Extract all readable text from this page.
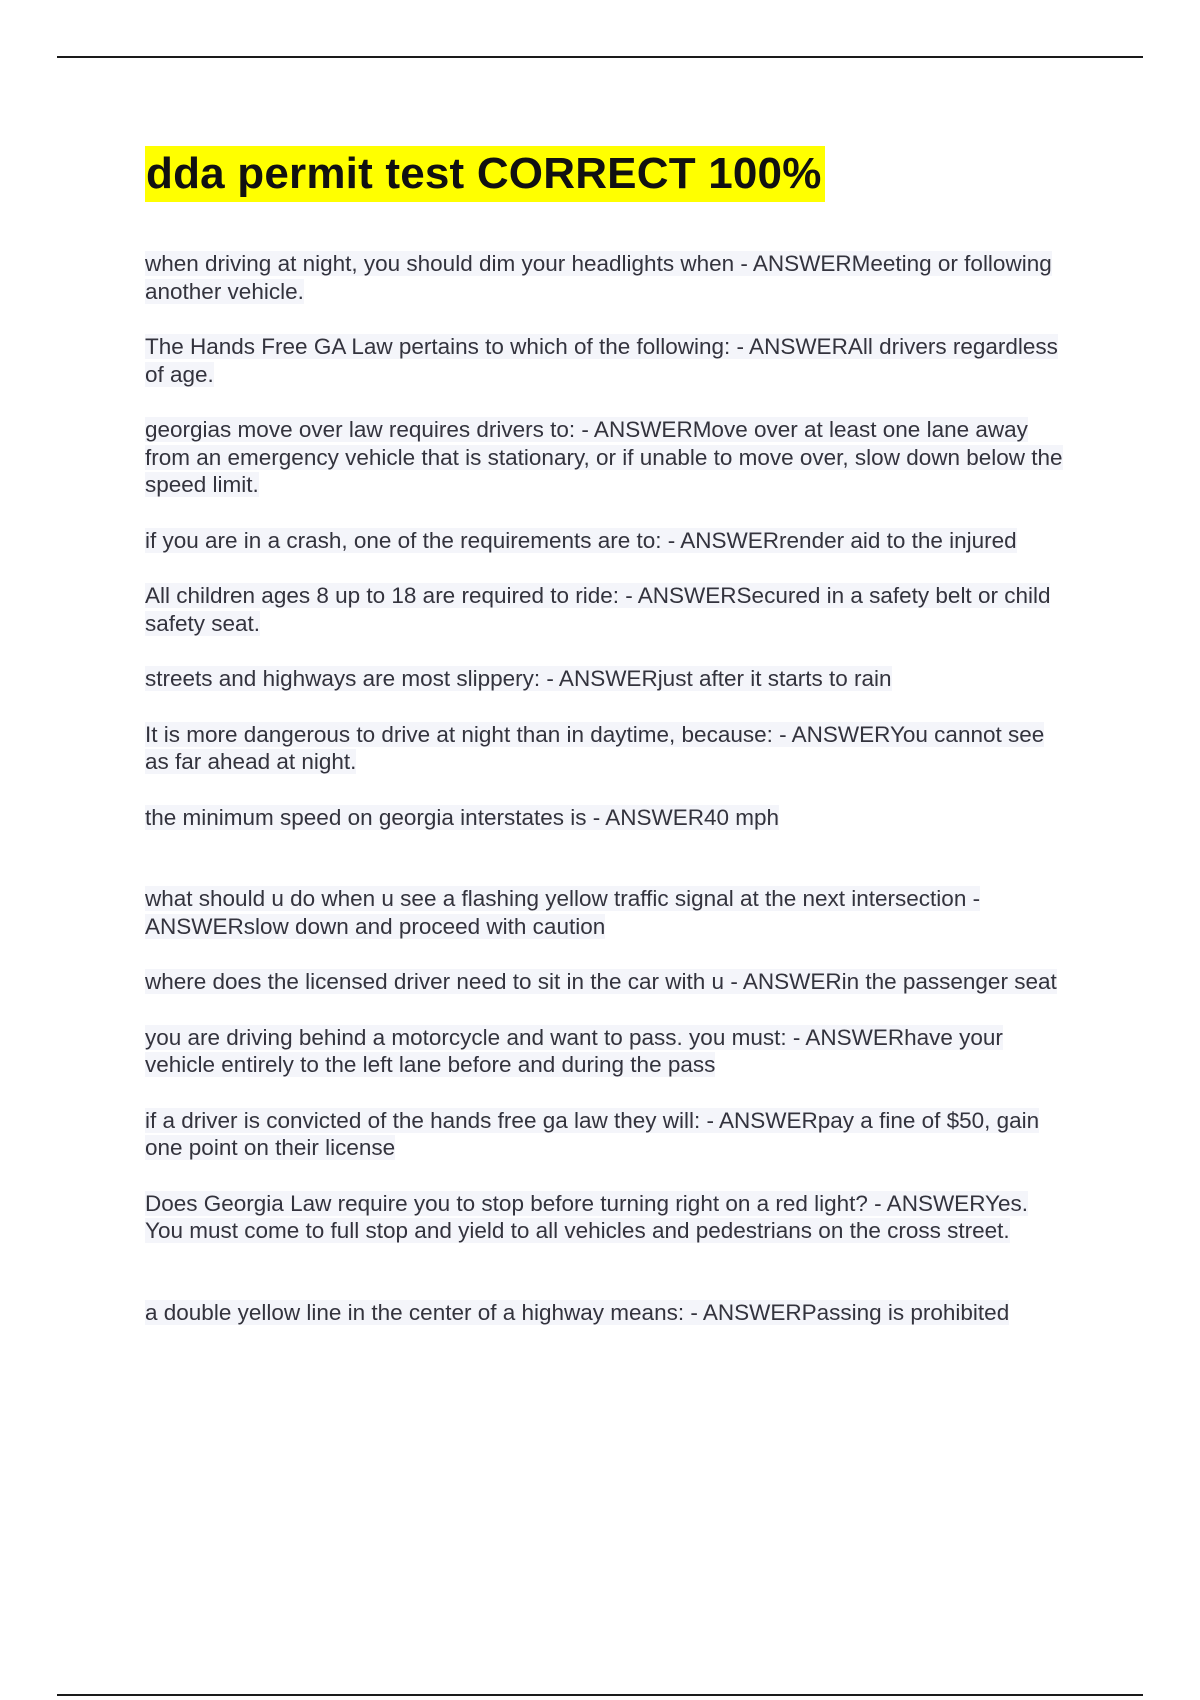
dda permit test CORRECT 100%

when driving at night, you should dim your headlights when - ANSWERMeeting or following another vehicle.

The Hands Free GA Law pertains to which of the following: - ANSWERAll drivers regardless of age.

georgias move over law requires drivers to: - ANSWERMove over at least one lane away from an emergency vehicle that is stationary, or if unable to move over, slow down below the speed limit.

if you are in a crash, one of the requirements are to: - ANSWERrender aid to the injured

All children ages 8 up to 18 are required to ride: - ANSWERSecured in a safety belt or child safety seat.

streets and highways are most slippery: - ANSWERjust after it starts to rain

It is more dangerous to drive at night than in daytime, because: - ANSWERYou cannot see as far ahead at night.

the minimum speed on georgia interstates is - ANSWER40 mph

what should u do when u see a flashing yellow traffic signal at the next intersection - ANSWERslow down and proceed with caution

where does the licensed driver need to sit in the car with u - ANSWERin the passenger seat

you are driving behind a motorcycle and want to pass. you must: - ANSWERhave your vehicle entirely to the left lane before and during the pass

if a driver is convicted of the hands free ga law they will: - ANSWERpay a fine of $50, gain one point on their license

Does Georgia Law require you to stop before turning right on a red light? - ANSWERYes. You must come to full stop and yield to all vehicles and pedestrians on the cross street.

a double yellow line in the center of a highway means: - ANSWERPassing is prohibited
